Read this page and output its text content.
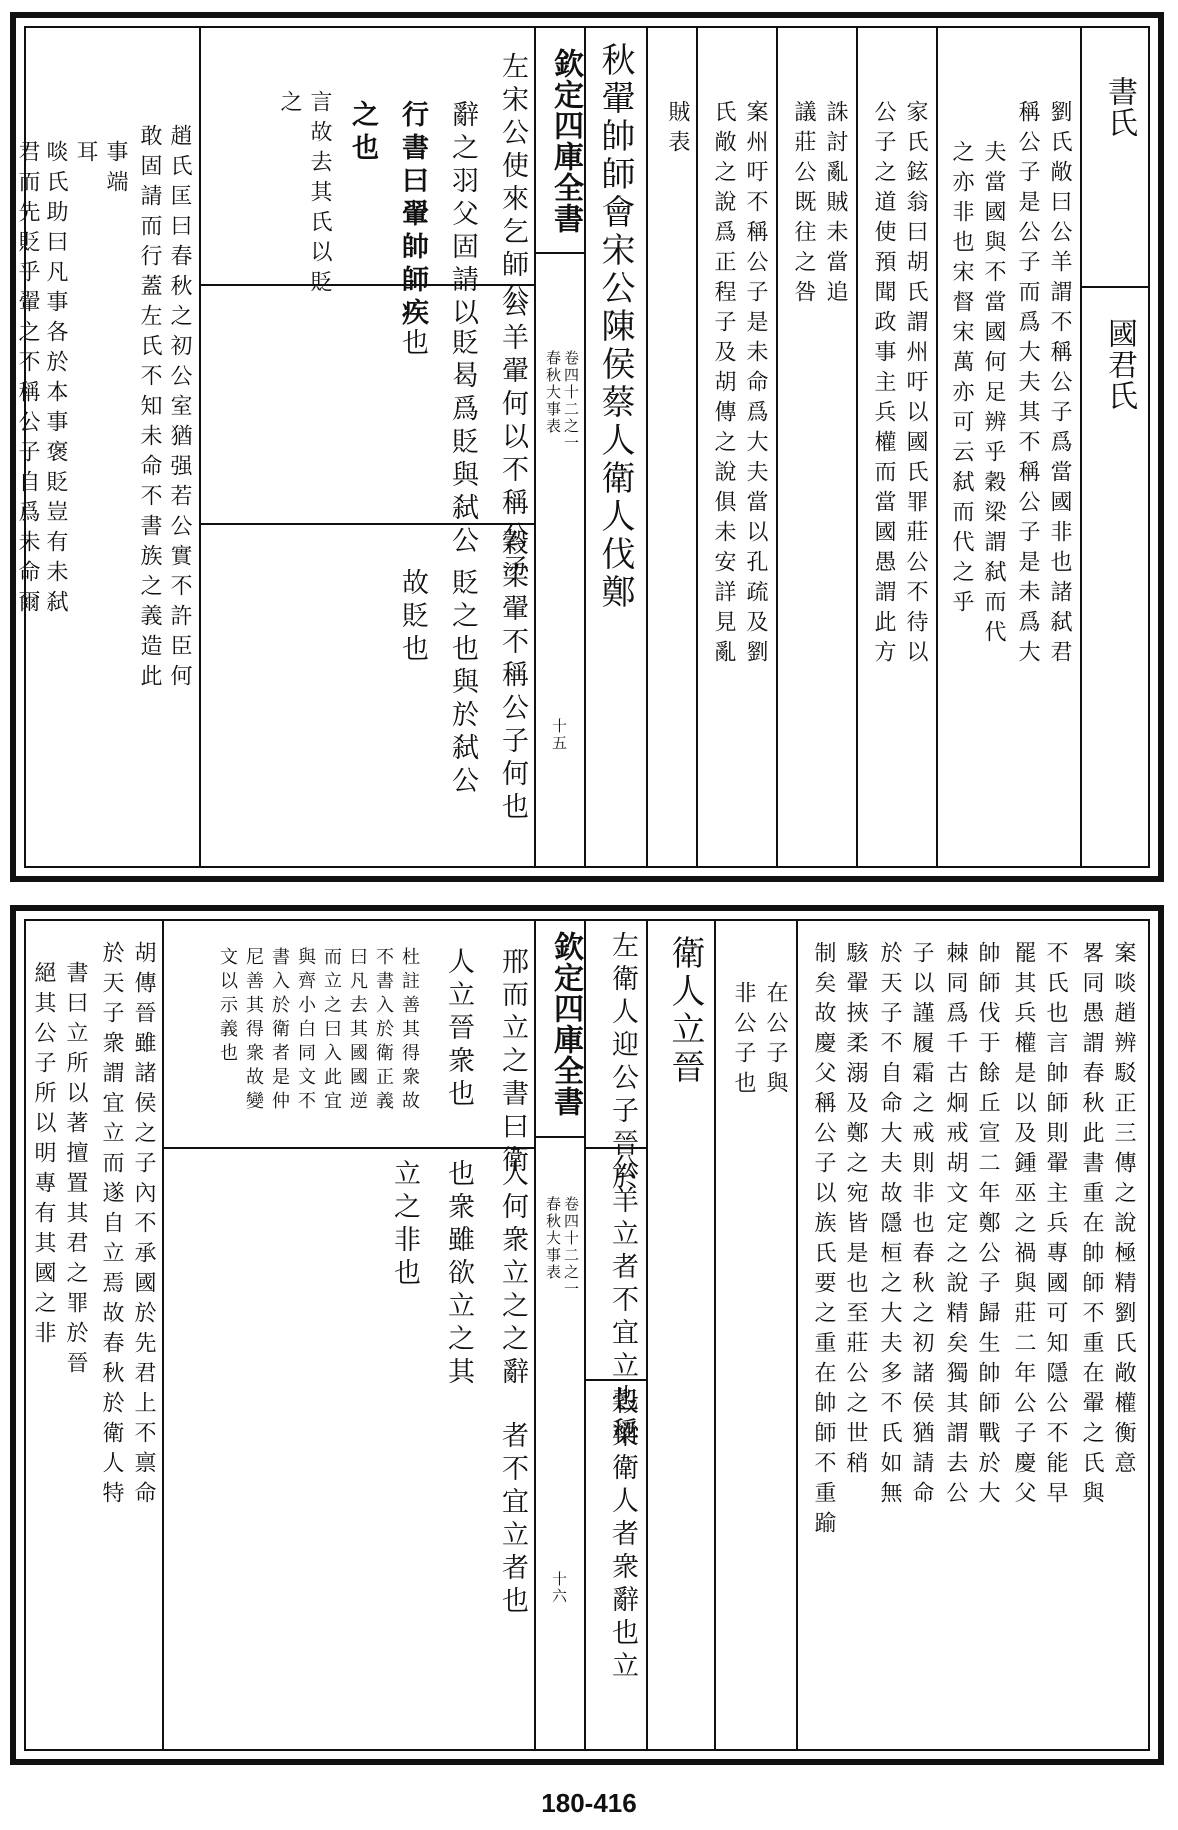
書氏
國君氏
劉氏敞曰公羊謂不稱公子爲當國非也諸弑君
稱公子是公子而爲大夫其不稱公子是未爲大
夫當國與不當國何足辨乎穀梁謂弑而代
之亦非也宋督宋萬亦可云弑而代之乎
家氏鉉翁曰胡氏謂州吁以國氏罪莊公不待以
公子之道使預聞政事主兵權而當國愚謂此方
誅討亂賊未當追
議莊公既往之咎
案州吁不稱公子是未命爲大夫當以孔疏及劉
氏敞之說爲正程子及胡傳之說俱未安詳見亂
賊表
秋翬帥師會宋公陳侯蔡人衛人伐鄭
欽定四庫全書
春秋大事表 卷四十二之一
十五
左宋公使來乞師公
辭之羽父固請以
行書曰翬帥師疾
之也
言故去其氏以貶
之
公羊翬何以不稱公子
貶曷爲貶與弑公
也
穀梁翬不稱公子何也
貶之也與於弑公
故貶也
趙氏匡曰春秋之初公室猶强若公實不許臣何
敢固請而行蓋左氏不知未命不書族之義造此
事端
耳
啖氏助曰凡事各於本事褒貶豈有未弑
君而先貶乎翬之不稱公子自爲未命爾
案啖趙辨駁正三傳之說極精劉氏敞權衡意
畧同愚謂春秋此書重在帥師不重在翬之氏與
不氏也言帥師則翬主兵專國可知隱公不能早
罷其兵權是以及鍾巫之禍與莊二年公子慶父
帥師伐于餘丘宣二年鄭公子歸生帥師戰於大
棘同爲千古炯戒胡文定之說精矣獨其謂去公
子以謹履霜之戒則非也春秋之初諸侯猶請命
於天子不自命大夫故隱桓之大夫多不氏如無
駭翬挾柔溺及鄭之宛皆是也至莊公之世稍
制矣故慶父稱公子以族氏要之重在帥師不重踰
在公子與
非公子也
衛人立晉
左衛人迎公子晉於
欽定四庫全書
春秋大事表 卷四十二之一
十六
公羊立者不宜立也稱
穀梁衛人者衆辭也立
邢而立之書曰衛
人立晉衆也
杜註善其得衆故
不書入於衛正義
曰凡去其國國逆
而立之曰入此宜
與齊小白同文不
書入於衛者是仲
尼善其得衆故變
文以示義也
人何衆立之之辭
也衆雖欲立之其
立之非也
者不宜立者也
胡傳晉雖諸侯之子內不承國於先君上不禀命
於天子衆謂宜立而遂自立焉故春秋於衛人特
書曰立所以著擅置其君之罪於晉
絕其公子所以明專有其國之非
180-416
